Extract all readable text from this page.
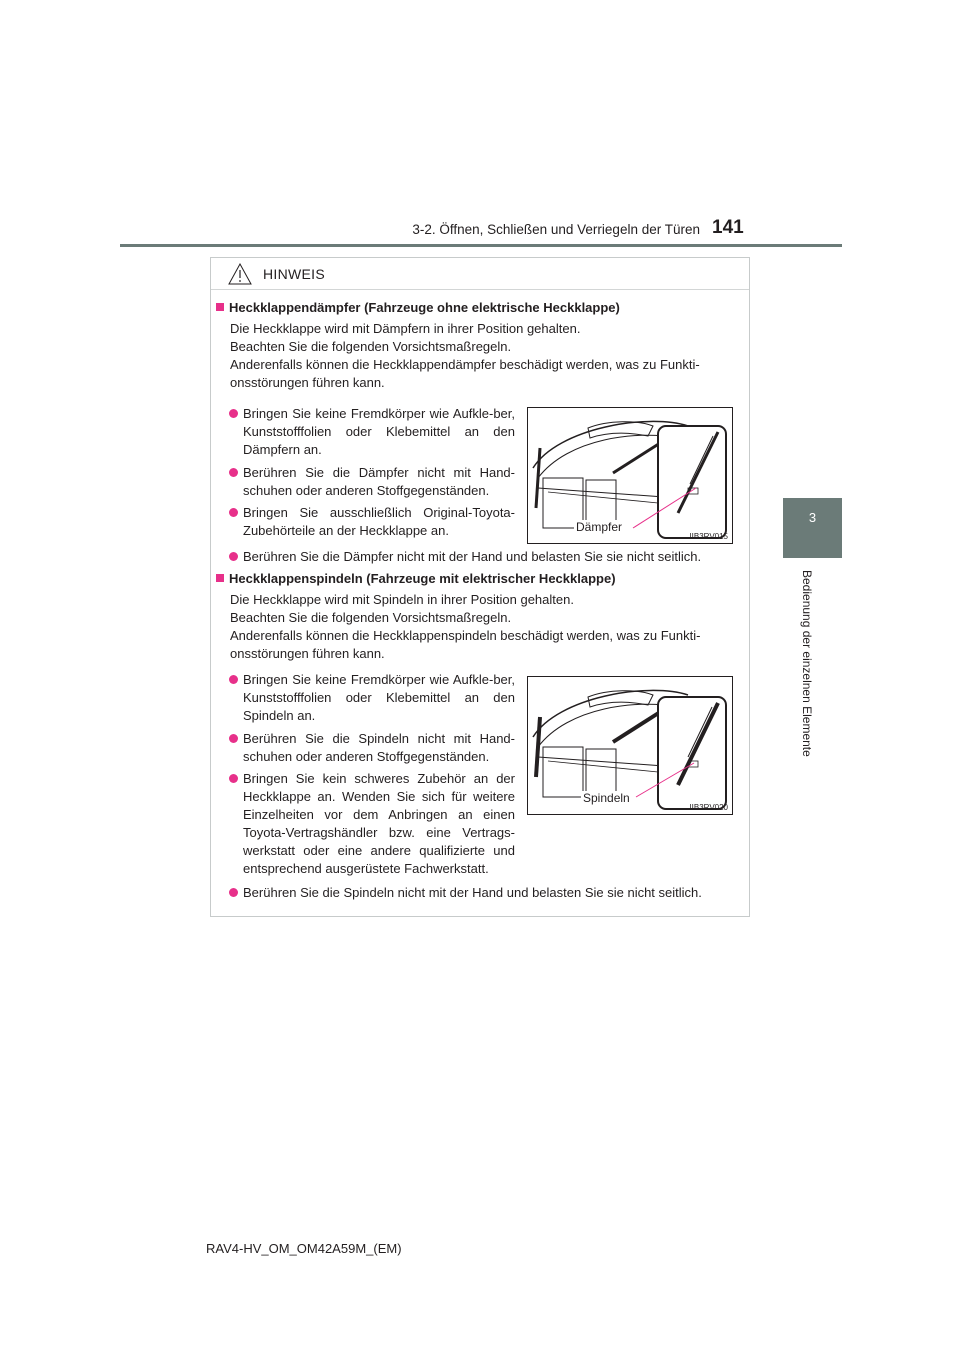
3-2. Öffnen, Schließen und Verriegeln der Türen 141
3
Bedienung der einzelnen Elemente
HINWEIS
Heckklappendämpfer (Fahrzeuge ohne elektrische Heckklappe)
Die Heckklappe wird mit Dämpfern in ihrer Position gehalten.
Beachten Sie die folgenden Vorsichtsmaßregeln.
Anderenfalls können die Heckklappendämpfer beschädigt werden, was zu Funkti-
onsstörungen führen kann.
Bringen Sie keine Fremdkörper wie Aufkle-ber, Kunststofffolien oder Klebemittel an den Dämpfern an.
Berühren Sie die Dämpfer nicht mit Hand-schuhen oder anderen Stoffgegenständen.
Bringen Sie ausschließlich Original-Toyota-Zubehörteile an der Heckklappe an.	Dämpfer
IIB3RV015
Berühren Sie die Dämpfer nicht mit der Hand und belasten Sie sie nicht seitlich.
Heckklappenspindeln (Fahrzeuge mit elektrischer Heckklappe)
Die Heckklappe wird mit Spindeln in ihrer Position gehalten.
Beachten Sie die folgenden Vorsichtsmaßregeln.
Anderenfalls können die Heckklappenspindeln beschädigt werden, was zu Funkti-
onsstörungen führen kann.
Bringen Sie keine Fremdkörper wie Aufkle-ber, Kunststofffolien oder Klebemittel an den Spindeln an.
Berühren Sie die Spindeln nicht mit Hand-schuhen oder anderen Stoffgegenständen.
Bringen Sie kein schweres Zubehör an der Heckklappe an. Wenden Sie sich für weitere Einzelheiten vor dem Anbringen an einen Toyota-Vertragshändler bzw. eine Vertrags-werkstatt oder eine andere qualifizierte und entsprechend ausgerüstete Fachwerkstatt.
Spindeln
IIB3RV020
Berühren Sie die Spindeln nicht mit der Hand und belasten Sie sie nicht seitlich.
RAV4-HV_OM_OM42A59M_(EM)
